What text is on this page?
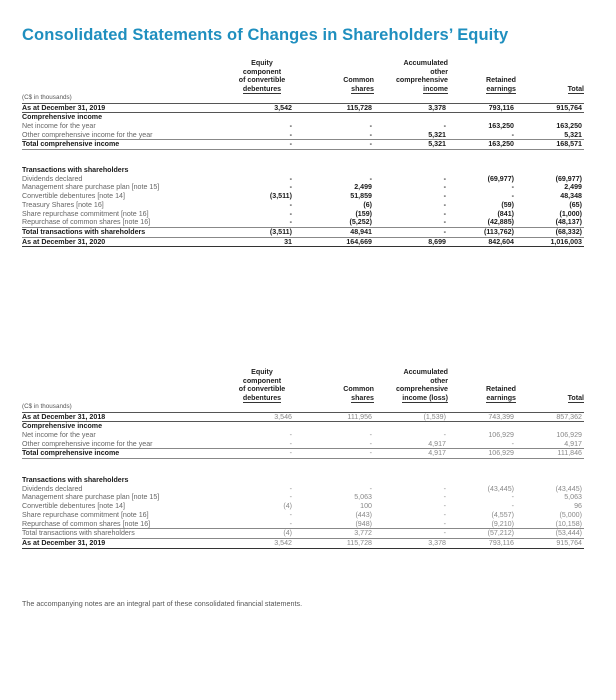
Consolidated Statements of Changes in Shareholders’ Equity
	Equity
component
of convertible
debentures	Common
shares	Accumulated
other
comprehensive
income	Retained
earnings	Total
(C$ in thousands)					
As at December 31, 2019	3,542	115,728	3,378	793,116	915,764
Comprehensive income					
Net income for the year	-	-	-	163,250	163,250
Other comprehensive income for the year	-	-	5,321	-	5,321
Total comprehensive income	-	-	5,321	163,250	168,571
Transactions with shareholders					
Dividends declared	-	-	-	(69,977)	(69,977)
Management share purchase plan [note 15]	-	2,499	-	-	2,499
Convertible debentures [note 14]	(3,511)	51,859	-	-	48,348
Treasury Shares [note 16]	-	(6)	-	(59)	(65)
Share repurchase commitment [note 16]	-	(159)	-	(841)	(1,000)
Repurchase of common shares [note 16]	-	(5,252)	-	(42,885)	(48,137)
Total transactions with shareholders	(3,511)	48,941	-	(113,762)	(68,332)
As at December 31, 2020	31	164,669	8,699	842,604	1,016,003
	Equity
component
of convertible
debentures	Common
shares	Accumulated
other
comprehensive
income (loss)	Retained
earnings	Total
(C$ in thousands)					
As at December 31, 2018	3,546	111,956	(1,539)	743,399	857,362
Comprehensive income					
Net income for the year	-	-	-	106,929	106,929
Other comprehensive income for the year	-	-	4,917	-	4,917
Total comprehensive income	-	-	4,917	106,929	111,846
Transactions with shareholders					
Dividends declared	-	-	-	(43,445)	(43,445)
Management share purchase plan [note 15]	-	5,063	-	-	5,063
Convertible debentures [note 14]	(4)	100	-	-	96
Share repurchase commitment [note 16]	-	(443)	-	(4,557)	(5,000)
Repurchase of common shares [note 16]	-	(948)	-	(9,210)	(10,158)
Total transactions with shareholders	(4)	3,772	-	(57,212)	(53,444)
As at December 31, 2019	3,542	115,728	3,378	793,116	915,764
The accompanying notes are an integral part of these consolidated financial statements.
